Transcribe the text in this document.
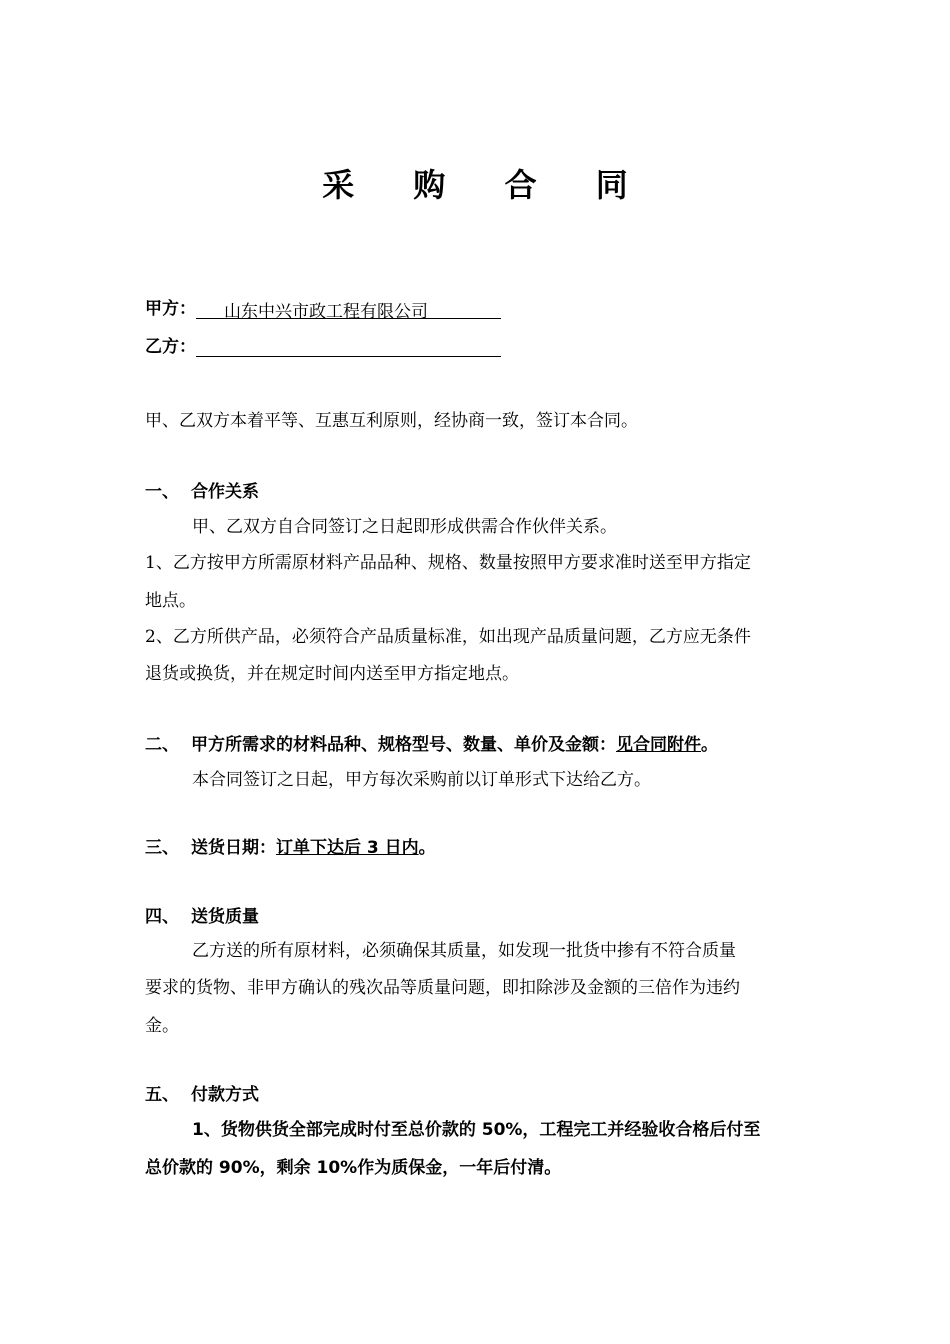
采 购 合 同
甲方： 山东中兴市政工程有限公司
乙方：
甲、乙双方本着平等、互惠互利原则，经协商一致，签订本合同。
一、 合作关系
甲、乙双方自合同签订之日起即形成供需合作伙伴关系。
1、乙方按甲方所需原材料产品品种、规格、数量按照甲方要求准时送至甲方指定
地点。
2、乙方所供产品，必须符合产品质量标准，如出现产品质量问题，乙方应无条件
退货或换货，并在规定时间内送至甲方指定地点。
二、 甲方所需求的材料品种、规格型号、数量、单价及金额：见合同附件。
本合同签订之日起，甲方每次采购前以订单形式下达给乙方。
三、 送货日期：订单下达后 3 日内。
四、 送货质量
乙方送的所有原材料，必须确保其质量，如发现一批货中掺有不符合质量
要求的货物、非甲方确认的残次品等质量问题，即扣除涉及金额的三倍作为违约
金。
五、 付款方式
1、货物供货全部完成时付至总价款的 50%，工程完工并经验收合格后付至
总价款的 90%，剩余 10%作为质保金，一年后付清。
